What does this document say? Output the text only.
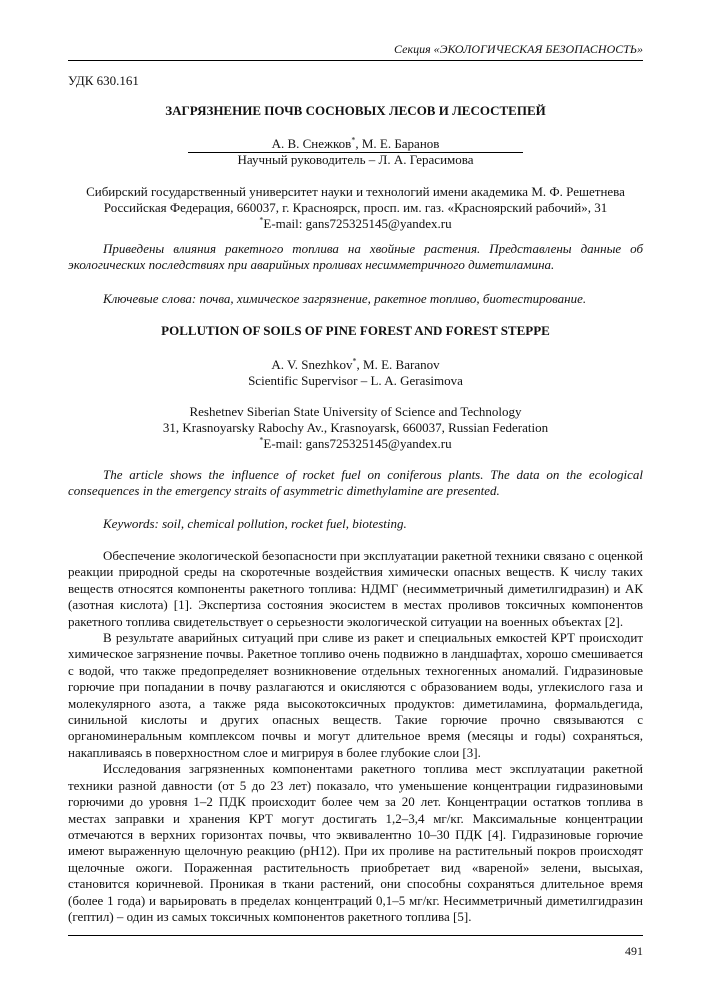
Секция «ЭКОЛОГИЧЕСКАЯ БЕЗОПАСНОСТЬ»
УДК 630.161
ЗАГРЯЗНЕНИЕ ПОЧВ СОСНОВЫХ ЛЕСОВ И ЛЕСОСТЕПЕЙ
А. В. Снежков*, М. Е. Баранов
Научный руководитель – Л. А. Герасимова
Сибирский государственный университет науки и технологий имени академика М. Ф. Решетнева
Российская Федерация, 660037, г. Красноярск, просп. им. газ. «Красноярский рабочий», 31
*E-mail: gans725325145@yandex.ru

Приведены влияния ракетного топлива на хвойные растения. Представлены данные об экологических последствиях при аварийных проливах несимметричного диметиламина.

Ключевые слова: почва, химическое загрязнение, ракетное топливо, биотестирование.

POLLUTION OF SOILS OF PINE FOREST AND FOREST STEPPE
A. V. Snezhkov*, M. E. Baranov
Scientific Supervisor – L. A. Gerasimova
Reshetnev Siberian State University of Science and Technology
31, Krasnoyarsky Rabochy Av., Krasnoyarsk, 660037, Russian Federation
*E-mail: gans725325145@yandex.ru

The article shows the influence of rocket fuel on coniferous plants. The data on the ecological consequences in the emergency straits of asymmetric dimethylamine are presented.

Keywords: soil, chemical pollution, rocket fuel, biotesting.

Обеспечение экологической безопасности при эксплуатации ракетной техники связано с оценкой реакции природной среды на скоротечные воздействия химически опасных веществ. К числу таких веществ относятся компоненты ракетного топлива: НДМГ (несимметричный диметилгидразин) и АК (азотная кислота) [1]. Экспертиза состояния экосистем в местах проливов токсичных компонентов ракетного топлива свидетельствует о серьезности экологической ситуации на военных объектах [2].

В результате аварийных ситуаций при сливе из ракет и специальных емкостей КРТ происходит химическое загрязнение почвы. Ракетное топливо очень подвижно в ландшафтах, хорошо смешивается с водой, что также предопределяет возникновение отдельных техногенных аномалий. Гидразиновые горючие при попадании в почву разлагаются и окисляются с образованием воды, углекислого газа и молекулярного азота, а также ряда высокотоксичных продуктов: диметиламина, формальдегида, синильной кислоты и других опасных веществ. Такие горючие прочно связываются с органоминеральным комплексом почвы и могут длительное время (месяцы и годы) сохраняться, накапливаясь в поверхностном слое и мигрируя в более глубокие слои [3].

Исследования загрязненных компонентами ракетного топлива мест эксплуатации ракетной техники разной давности (от 5 до 23 лет) показало, что уменьшение концентрации гидразиновыми горючими до уровня 1–2 ПДК происходит более чем за 20 лет. Концентрации остатков топлива в местах заправки и хранения КРТ могут достигать 1,2–3,4 мг/кг. Максимальные концентрации отмечаются в верхних горизонтах почвы, что эквивалентно 10–30 ПДК [4]. Гидразиновые горючие имеют выраженную щелочную реакцию (pH12). При их проливе на растительный покров происходят щелочные ожоги. Пораженная растительность приобретает вид «вареной» зелени, высыхая, становится коричневой. Проникая в ткани растений, они способны сохраняться длительное время (более 1 года) и варьировать в пределах концентраций 0,1–5 мг/кг. Несимметричный диметилгидразин (гептил) – один из самых токсичных компонентов ракетного топлива [5].

491
